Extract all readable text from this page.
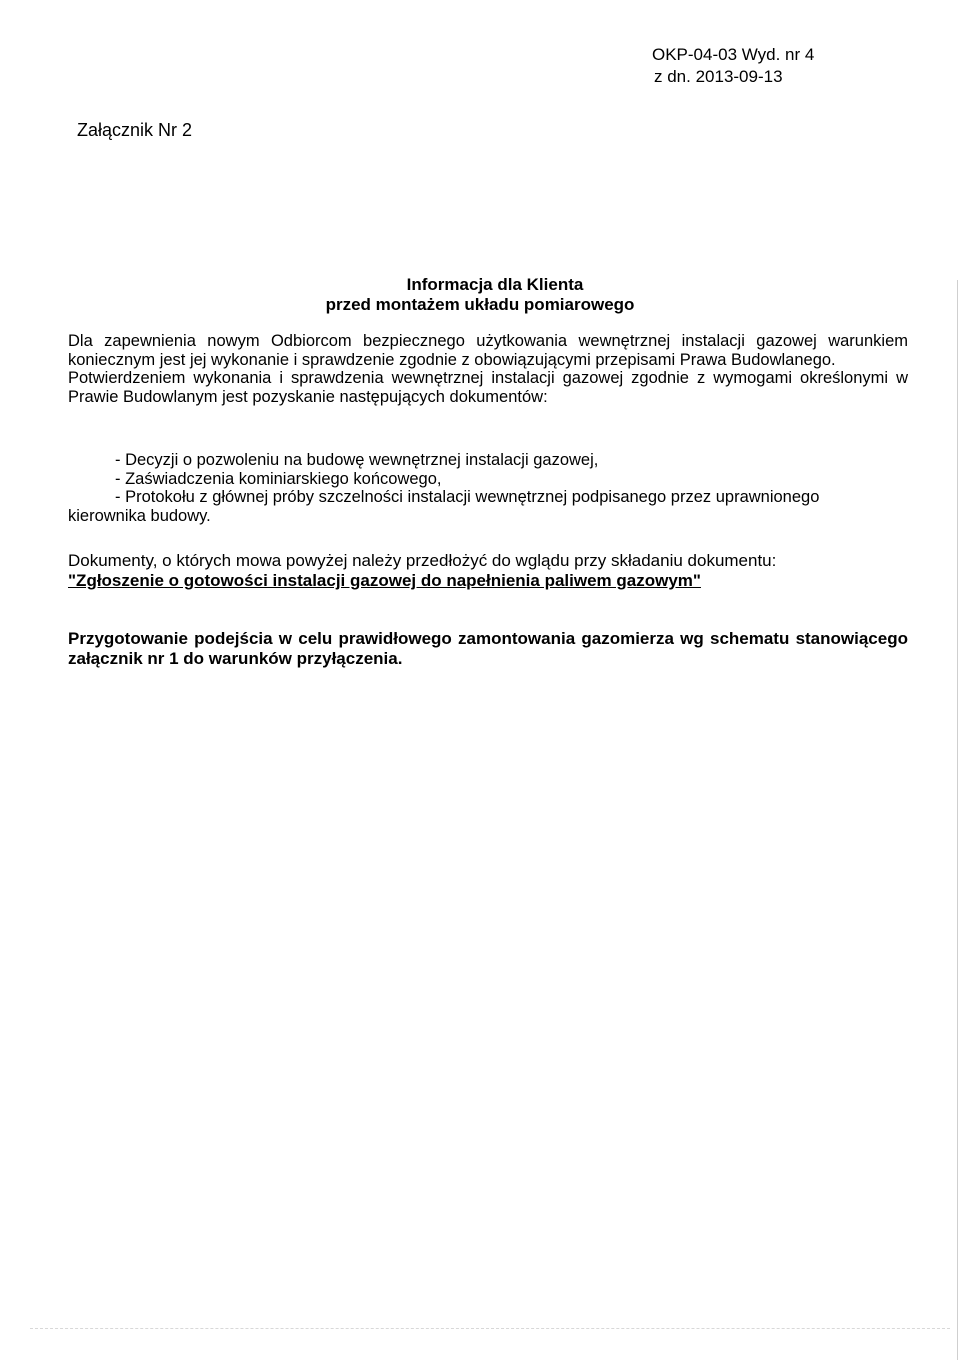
OKP-04-03 Wyd. nr 4
z dn. 2013-09-13
Załącznik Nr 2
Informacja dla Klienta
przed montażem układu pomiarowego

Dla zapewnienia nowym Odbiorcom bezpiecznego użytkowania wewnętrznej instalacji gazowej warunkiem koniecznym jest jej wykonanie i sprawdzenie zgodnie z obowiązującymi przepisami Prawa Budowlanego.

Potwierdzeniem wykonania i sprawdzenia wewnętrznej instalacji gazowej zgodnie z wymogami określonymi w Prawie Budowlanym jest pozyskanie następujących dokumentów:

- Decyzji o pozwoleniu na budowę wewnętrznej instalacji gazowej,

- Zaświadczenia kominiarskiego końcowego,

- Protokołu z głównej próby szczelności instalacji wewnętrznej podpisanego przez uprawnionego

kierownika budowy.

Dokumenty, o których mowa powyżej należy przedłożyć do wglądu przy składaniu dokumentu:
"Zgłoszenie o gotowości instalacji gazowej do napełnienia paliwem gazowym"
Przygotowanie podejścia w celu prawidłowego zamontowania gazomierza wg schematu stanowiącego załącznik nr 1 do warunków przyłączenia.
